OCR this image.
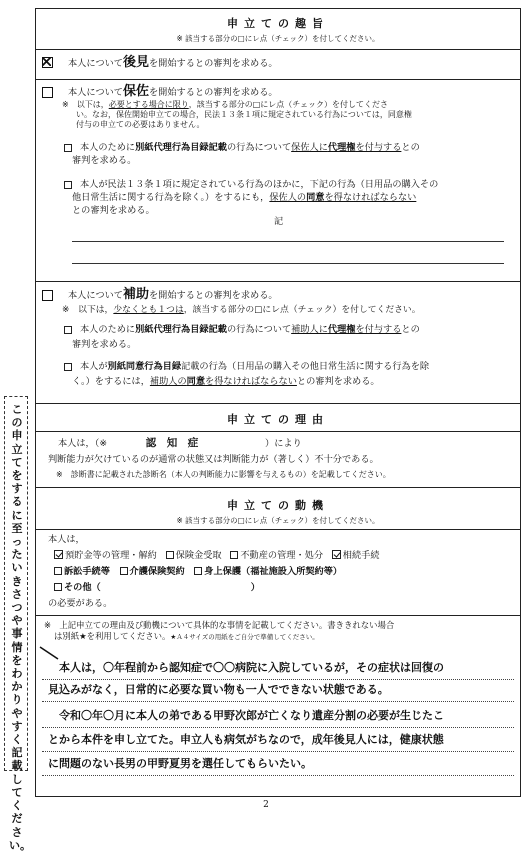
この申立てをするに至ったいきさつや事情をわかりやすく記載してください。
申立ての趣旨
※ 該当する部分の□にレ点（チェック）を付してください。
本人について後見を開始するとの審判を求める。
本人について保佐を開始するとの審判を求める。
※　以下は，必要とする場合に限り，該当する部分の□にレ点（チェック）を付してくださ
い。なお，保佐開始申立ての場合，民法１３条１項に規定されている行為については，同意権
付与の申立ての必要はありません。
本人のために別紙代理行為目録記載の行為について保佐人に代理権を付与するとの
審判を求める。
本人が民法１３条１項に規定されている行為のほかに，下記の行為（日用品の購入その
他日常生活に関する行為を除く。）をするにも，保佐人の同意を得なければならない
との審判を求める。
記
本人について補助を開始するとの審判を求める。
※　以下は，少なくとも１つは，該当する部分の□にレ点（チェック）を付してください。
本人のために別紙代理行為目録記載の行為について補助人に代理権を付与するとの
審判を求める。
本人が別紙同意行為目録記載の行為（日用品の購入その他日常生活に関する行為を除
く。）をするには，補助人の同意を得なければならないとの審判を求める。
申立ての理由
本人は，（※	認　知　症	）により
判断能力が欠けているのが通常の状態又は判断能力が（著しく）不十分である。
※　診断書に記載された診断名（本人の判断能力に影響を与えるもの）を記載してください。
申立ての動機
※ 該当する部分の□にレ点（チェック）を付してください。
本人は，
預貯金等の管理・解約 保険金受取 不動産の管理・処分 相続手続
訴訟手続等 介護保険契約 身上保護（福祉施設入所契約等）
その他（	）
の必要がある。
※　上記申立ての理由及び動機について具体的な事情を記載してください。書ききれない場合
は別紙★を利用してください。★Ａ４サイズの用紙をご自分で準備してください。
　本人は，〇年程前から認知症で〇〇病院に入院しているが，その症状は回復の
見込みがなく，日常的に必要な買い物も一人でできない状態である。
　令和〇年〇月に本人の弟である甲野次郎が亡くなり遺産分割の必要が生じたこ
とから本件を申し立てた。申立人も病気がちなので，成年後見人には，健康状態
に問題のない長男の甲野夏男を選任してもらいたい。
2
